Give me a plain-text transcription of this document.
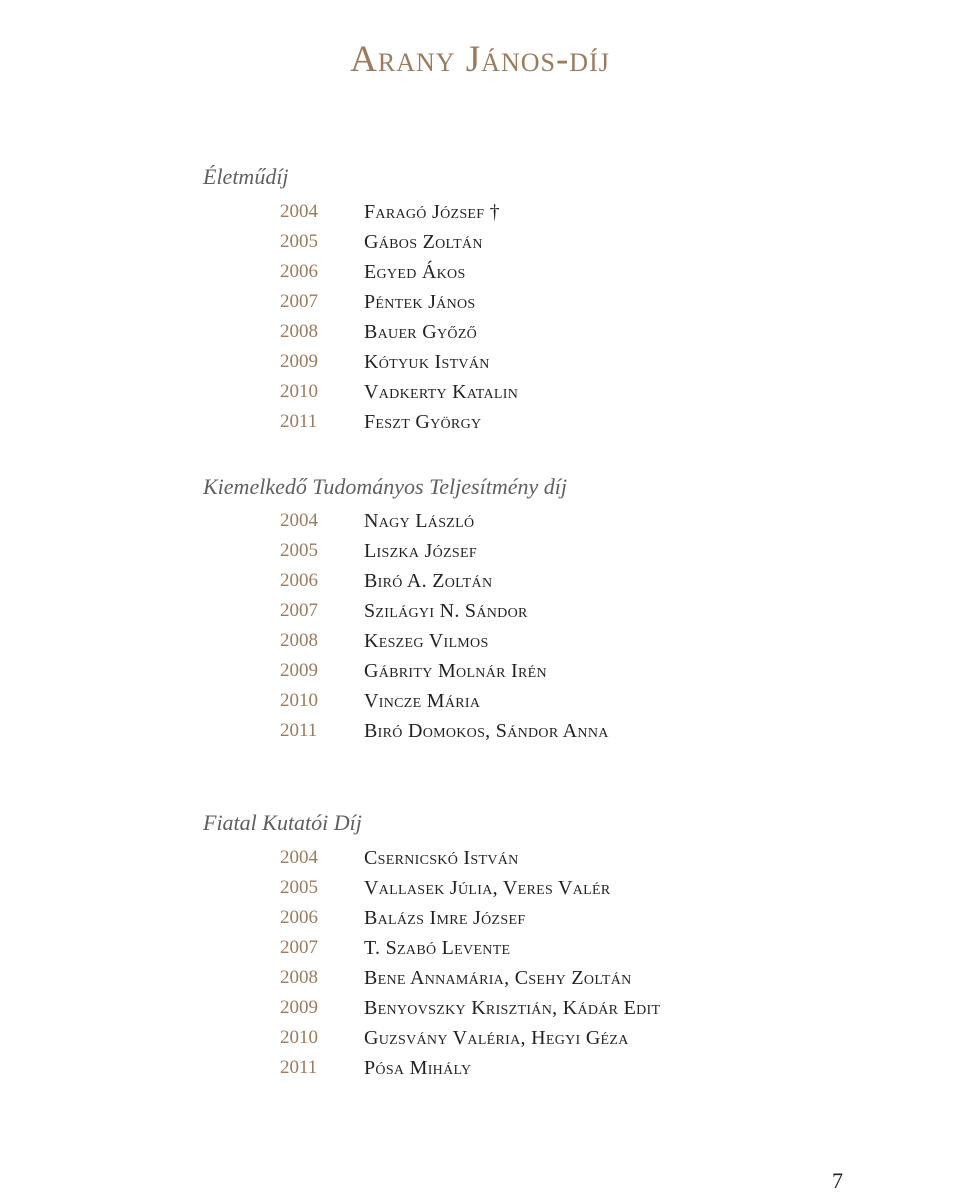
Arany János-díj
Életműdíj
2004 Faragó József †
2005 Gábos Zoltán
2006 Egyed Ákos
2007 Péntek János
2008 Bauer Győző
2009 Kótyuk István
2010 Vadkerty Katalin
2011 Feszt György
Kiemelkedő Tudományos Teljesítmény díj
2004 Nagy László
2005 Liszka József
2006 Biró A. Zoltán
2007 Szilágyi N. Sándor
2008 Keszeg Vilmos
2009 Gábrity Molnár Irén
2010 Vincze Mária
2011 Biró Domokos, Sándor Anna
Fiatal Kutatói Díj
2004 Csernicskó István
2005 Vallasek Júlia, Veres Valér
2006 Balázs Imre József
2007 T. Szabó Levente
2008 Bene Annamária, Csehy Zoltán
2009 Benyovszky Krisztián, Kádár Edit
2010 Guzsvány Valéria, Hegyi Géza
2011 Pósa Mihály
7
